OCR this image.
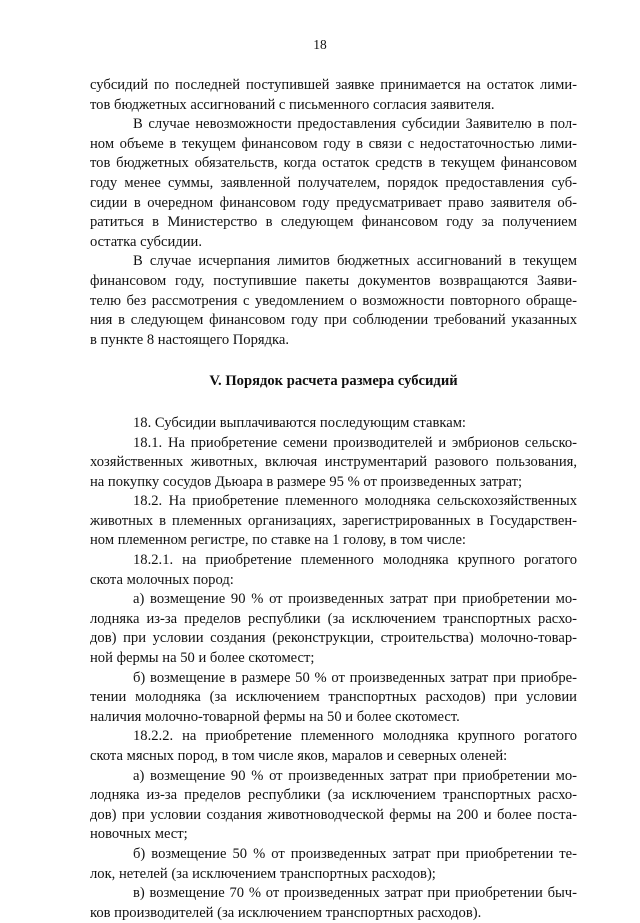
18
субсидий по последней поступившей заявке принимается на остаток лими-
тов бюджетных ассигнований с письменного согласия заявителя.
В случае невозможности предоставления субсидии Заявителю в пол-
ном объеме в текущем финансовом году в связи с недостаточностью лими-
тов бюджетных обязательств, когда остаток средств в текущем финансовом
году менее суммы, заявленной получателем, порядок предоставления суб-
сидии в очередном финансовом году предусматривает право заявителя об-
ратиться в Министерство в следующем финансовом году за получением
остатка субсидии.
В случае исчерпания лимитов бюджетных ассигнований в текущем
финансовом году, поступившие пакеты документов возвращаются Заяви-
телю без рассмотрения с уведомлением о возможности повторного обраще-
ния в следующем финансовом году при соблюдении требований указанных
в пункте 8 настоящего Порядка.
V. Порядок расчета размера субсидий
18. Субсидии выплачиваются последующим ставкам:
18.1. На приобретение семени производителей и эмбрионов сельско-
хозяйственных животных, включая инструментарий разового пользования,
на покупку сосудов Дьюара в размере 95 % от произведенных затрат;
18.2. На приобретение племенного молодняка сельскохозяйственных
животных в племенных организациях, зарегистрированных в Государствен-
ном племенном регистре, по ставке на 1 голову, в том числе:
18.2.1. на приобретение племенного молодняка крупного рогатого
скота молочных пород:
а) возмещение 90 % от произведенных затрат при приобретении мо-
лодняка из-за пределов республики (за исключением транспортных расхо-
дов) при условии создания (реконструкции, строительства) молочно-товар-
ной фермы на 50 и более скотомест;
б) возмещение в размере 50 % от произведенных затрат при приобре-
тении молодняка (за исключением транспортных расходов) при условии
наличия молочно-товарной фермы на 50 и более скотомест.
18.2.2. на приобретение племенного молодняка крупного рогатого
скота мясных пород, в том числе яков, маралов и северных оленей:
а) возмещение 90 % от произведенных затрат при приобретении мо-
лодняка из-за пределов республики (за исключением транспортных расхо-
дов) при условии создания животноводческой фермы на 200 и более поста-
новочных мест;
б) возмещение 50 % от произведенных затрат при приобретении те-
лок, нетелей (за исключением транспортных расходов);
в) возмещение 70 % от произведенных затрат при приобретении быч-
ков производителей (за исключением транспортных расходов).
